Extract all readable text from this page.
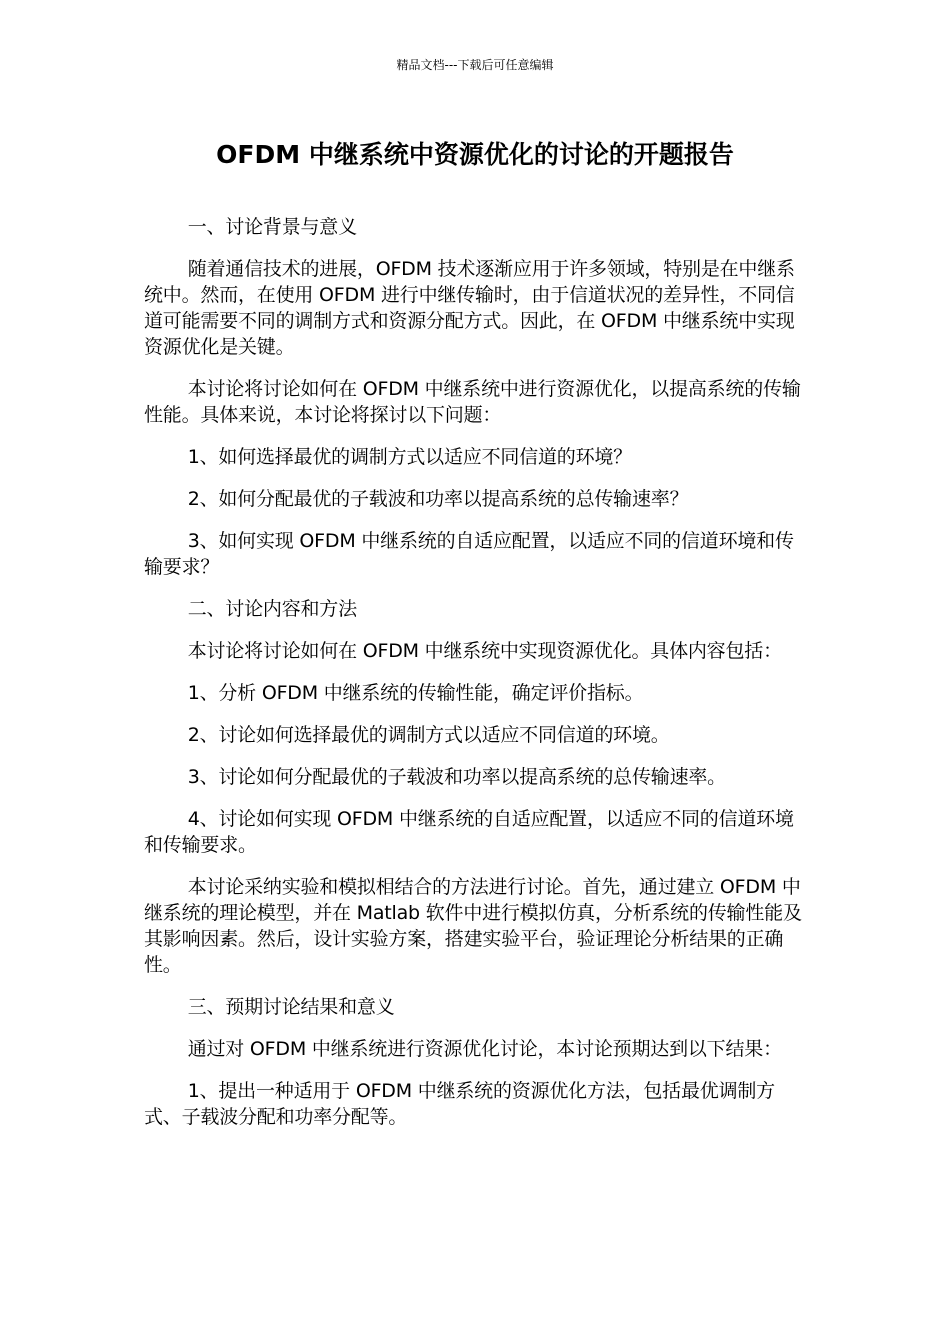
精品文档---下载后可任意编辑
OFDM 中继系统中资源优化的讨论的开题报告

一、讨论背景与意义

随着通信技术的进展，OFDM 技术逐渐应用于许多领域，特别是在中继系统中。然而，在使用 OFDM 进行中继传输时，由于信道状况的差异性，不同信道可能需要不同的调制方式和资源分配方式。因此，在 OFDM 中继系统中实现资源优化是关键。

本讨论将讨论如何在 OFDM 中继系统中进行资源优化，以提高系统的传输性能。具体来说，本讨论将探讨以下问题：

1、如何选择最优的调制方式以适应不同信道的环境？

2、如何分配最优的子载波和功率以提高系统的总传输速率？

3、如何实现 OFDM 中继系统的自适应配置，以适应不同的信道环境和传输要求？

二、讨论内容和方法

本讨论将讨论如何在 OFDM 中继系统中实现资源优化。具体内容包括：

1、分析 OFDM 中继系统的传输性能，确定评价指标。

2、讨论如何选择最优的调制方式以适应不同信道的环境。

3、讨论如何分配最优的子载波和功率以提高系统的总传输速率。

4、讨论如何实现 OFDM 中继系统的自适应配置，以适应不同的信道环境和传输要求。

本讨论采纳实验和模拟相结合的方法进行讨论。首先，通过建立 OFDM 中继系统的理论模型，并在 Matlab 软件中进行模拟仿真，分析系统的传输性能及其影响因素。然后，设计实验方案，搭建实验平台，验证理论分析结果的正确性。

三、预期讨论结果和意义

通过对 OFDM 中继系统进行资源优化讨论，本讨论预期达到以下结果：

1、提出一种适用于 OFDM 中继系统的资源优化方法，包括最优调制方式、子载波分配和功率分配等。
